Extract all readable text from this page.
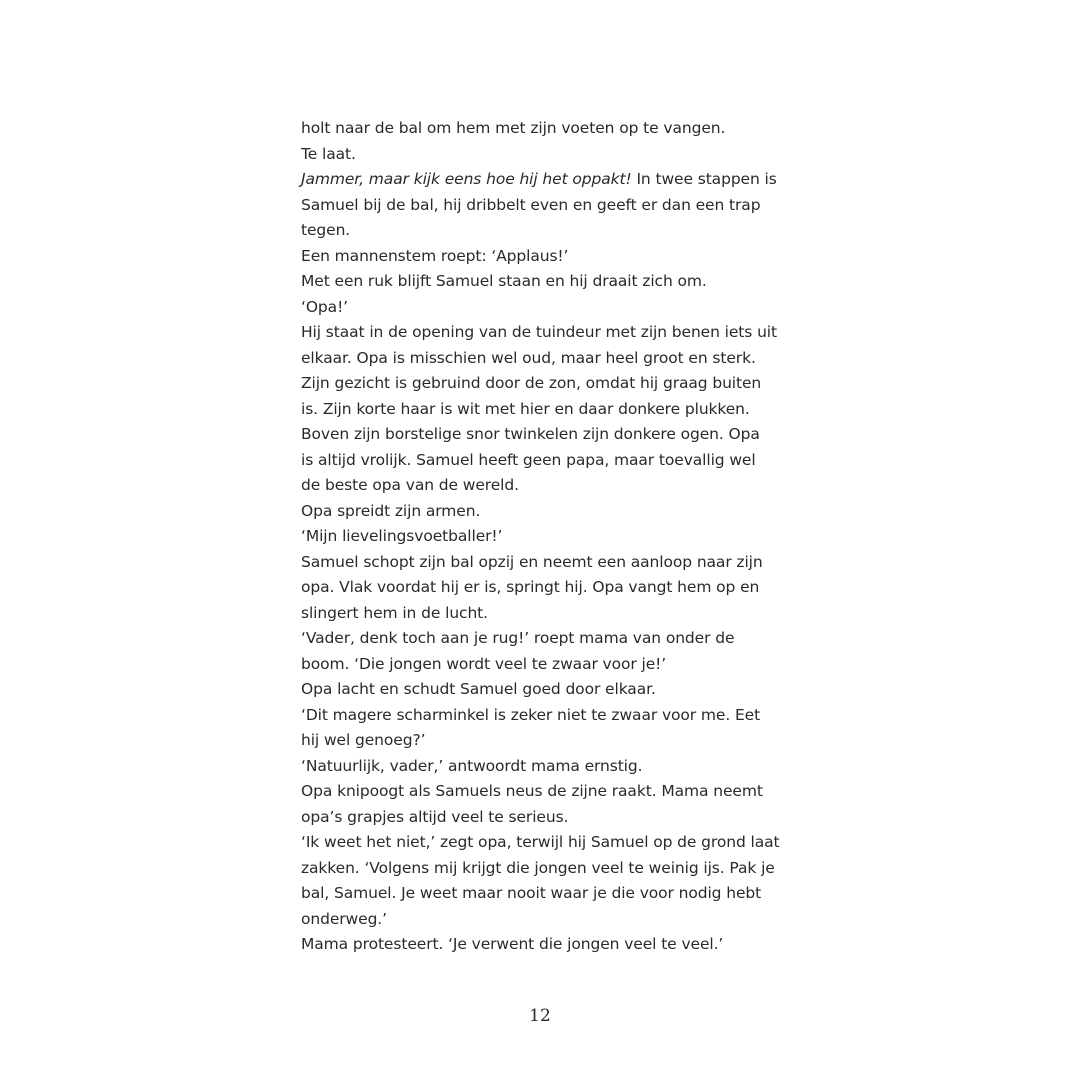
holt naar de bal om hem met zijn voeten op te vangen.
Te laat.
Jammer, maar kijk eens hoe hij het oppakt! In twee stappen is
Samuel bij de bal, hij dribbelt even en geeft er dan een trap
tegen.
Een mannenstem roept: ‘Applaus!’
Met een ruk blijft Samuel staan en hij draait zich om.
‘Opa!’
Hij staat in de opening van de tuindeur met zijn benen iets uit
elkaar. Opa is misschien wel oud, maar heel groot en sterk.
Zijn gezicht is gebruind door de zon, omdat hij graag buiten
is. Zijn korte haar is wit met hier en daar donkere plukken.
Boven zijn borstelige snor twinkelen zijn donkere ogen. Opa
is altijd vrolijk. Samuel heeft geen papa, maar toevallig wel
de beste opa van de wereld.
Opa spreidt zijn armen.
‘Mijn lievelingsvoetballer!’
Samuel schopt zijn bal opzij en neemt een aanloop naar zijn
opa. Vlak voordat hij er is, springt hij. Opa vangt hem op en
slingert hem in de lucht.
‘Vader, denk toch aan je rug!’ roept mama van onder de
boom. ‘Die jongen wordt veel te zwaar voor je!’
Opa lacht en schudt Samuel goed door elkaar.
‘Dit magere scharminkel is zeker niet te zwaar voor me. Eet
hij wel genoeg?’
‘Natuurlijk, vader,’ antwoordt mama ernstig.
Opa knipoogt als Samuels neus de zijne raakt. Mama neemt
opa’s grapjes altijd veel te serieus.
‘Ik weet het niet,’ zegt opa, terwijl hij Samuel op de grond laat
zakken. ‘Volgens mij krijgt die jongen veel te weinig ijs. Pak je
bal, Samuel. Je weet maar nooit waar je die voor nodig hebt
onderweg.’
Mama protesteert. ‘Je verwent die jongen veel te veel.’
12
